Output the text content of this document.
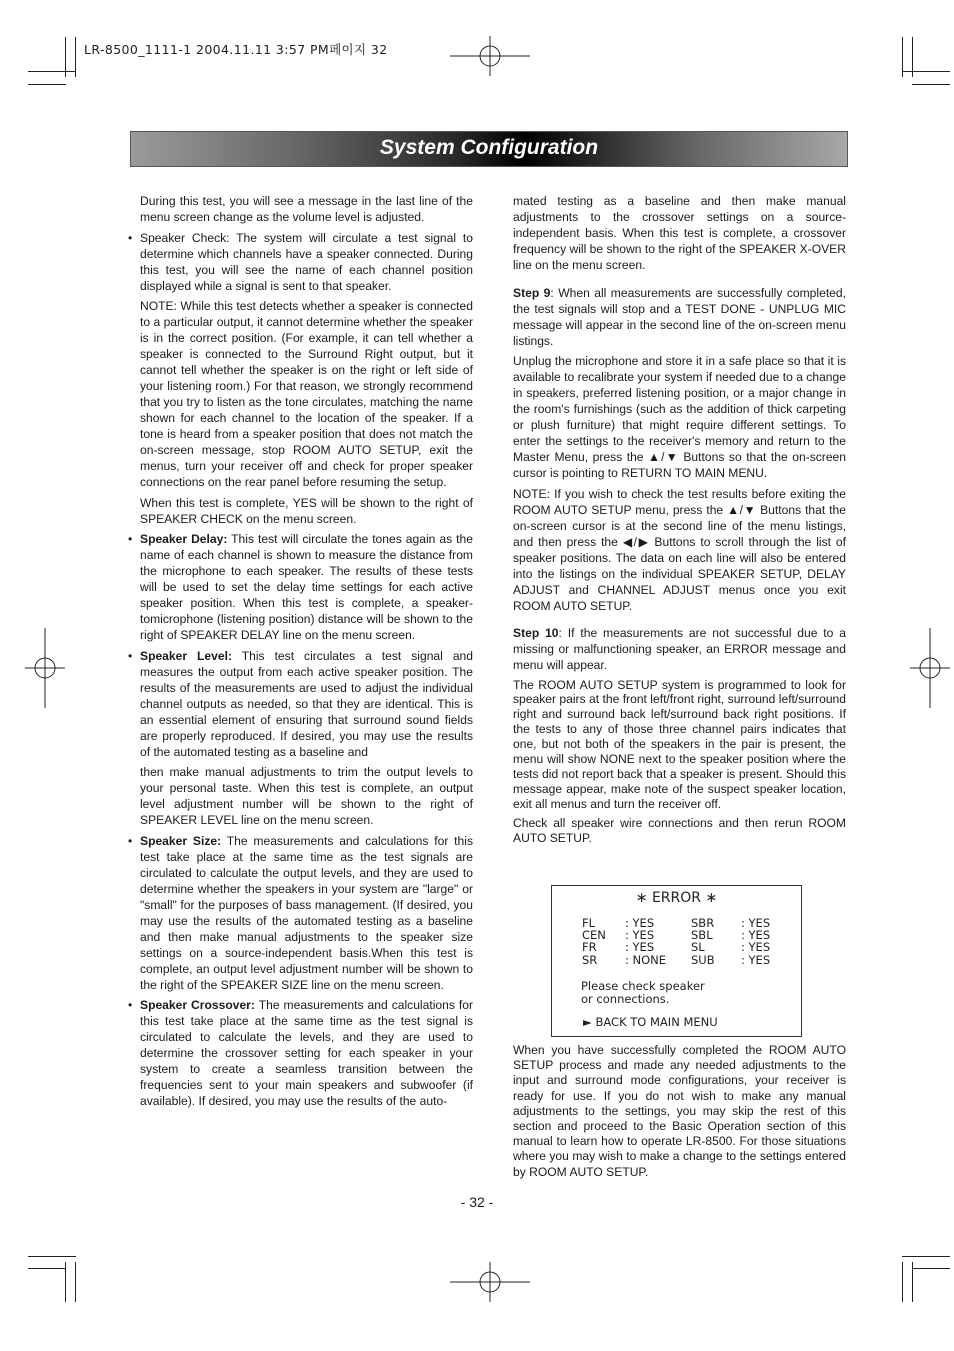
LR-8500_1111-1 2004.11.11 3:57 PM페이지 32
System Configuration

During this test, you will see a message in the last line of the menu screen change as the volume level is adjusted.

• Speaker Check: The system will circulate a test signal to determine which channels have a speaker connected. During this test, you will see the name of each channel position displayed while a signal is sent to that speaker.

NOTE: While this test detects whether a speaker is connected to a particular output, it cannot determine whether the speaker is in the correct position. (For example, it can tell whether a speaker is connected to the Surround Right output, but it cannot tell whether the speaker is on the right or left side of your listening room.) For that reason, we strongly recommend that you try to listen as the tone circulates, matching the name shown for each channel to the location of the speaker. If a tone is heard from a speaker position that does not match the on-screen message, stop ROOM AUTO SETUP, exit the menus, turn your receiver off and check for proper speaker connections on the rear panel before resuming the setup.

When this test is complete, YES will be shown to the right of SPEAKER CHECK on the menu screen.

• Speaker Delay: This test will circulate the tones again as the name of each channel is shown to measure the distance from the microphone to each speaker. The results of these tests will be used to set the delay time settings for each active speaker position. When this test is complete, a speaker-tomicrophone (listening position) distance will be shown to the right of SPEAKER DELAY line on the menu screen.

• Speaker Level: This test circulates a test signal and measures the output from each active speaker position. The results of the measurements are used to adjust the individual channel outputs as needed, so that they are identical. This is an essential element of ensuring that surround sound fields are properly reproduced. If desired, you may use the results of the automated testing as a baseline and

then make manual adjustments to trim the output levels to your personal taste. When this test is complete, an output level adjustment number will be shown to the right of SPEAKER LEVEL line on the menu screen.

• Speaker Size: The measurements and calculations for this test take place at the same time as the test signals are circulated to calculate the output levels, and they are used to determine whether the speakers in your system are "large" or "small" for the purposes of bass management. (If desired, you may use the results of the automated testing as a baseline and then make manual adjustments to the speaker size settings on a source-independent basis.When this test is complete, an output level adjustment number will be shown to the right of the SPEAKER SIZE line on the menu screen.

• Speaker Crossover: The measurements and calculations for this test take place at the same time as the test signal is circulated to calculate the levels, and they are used to determine the crossover setting for each speaker in your system to create a seamless transition between the frequencies sent to your main speakers and subwoofer (if available). If desired, you may use the results of the auto-

mated testing as a baseline and then make manual adjustments to the crossover settings on a source-independent basis. When this test is complete, a crossover frequency will be shown to the right of the SPEAKER X-OVER line on the menu screen.

Step 9: When all measurements are successfully completed, the test signals will stop and a TEST DONE - UNPLUG MIC message will appear in the second line of the on-screen menu listings.

Unplug the microphone and store it in a safe place so that it is available to recalibrate your system if needed due to a change in speakers, preferred listening position, or a major change in the room's furnishings (such as the addition of thick carpeting or plush furniture) that might require different settings. To enter the settings to the receiver's memory and return to the Master Menu, press the ▲/▼ Buttons so that the on-screen cursor is pointing to RETURN TO MAIN MENU.

NOTE: If you wish to check the test results before exiting the ROOM AUTO SETUP menu, press the ▲/▼ Buttons that the on-screen cursor is at the second line of the menu listings, and then press the ◀/▶ Buttons to scroll through the list of speaker positions. The data on each line will also be entered into the listings on the individual SPEAKER SETUP, DELAY ADJUST and CHANNEL ADJUST menus once you exit ROOM AUTO SETUP.

Step 10: If the measurements are not successful due to a missing or malfunctioning speaker, an ERROR message and menu will appear.

The ROOM AUTO SETUP system is programmed to look for speaker pairs at the front left/front right, surround left/surround right and surround back left/surround back right positions. If the tests to any of those three channel pairs indicates that one, but not both of the speakers in the pair is present, the menu will show NONE next to the speaker position where the tests did not report back that a speaker is present. Should this message appear, make note of the suspect speaker location, exit all menus and turn the receiver off.

Check all speaker wire connections and then rerun ROOM AUTO SETUP.

∗ ERROR ∗
FL	: YES	SBR : YES
CEN : YES	SBL : YES
FR : YES	SL	: YES
SR : NONE SUB : YES
Please check speaker
or connections.
► BACK TO MAIN MENU
When you have successfully completed the ROOM AUTO SETUP process and made any needed adjustments to the input and surround mode configurations, your receiver is ready for use. If you do not wish to make any manual adjustments to the settings, you may skip the rest of this section and proceed to the Basic Operation section of this manual to learn how to operate LR-8500. For those situations where you may wish to make a change to the settings entered by ROOM AUTO SETUP.
- 32 -
